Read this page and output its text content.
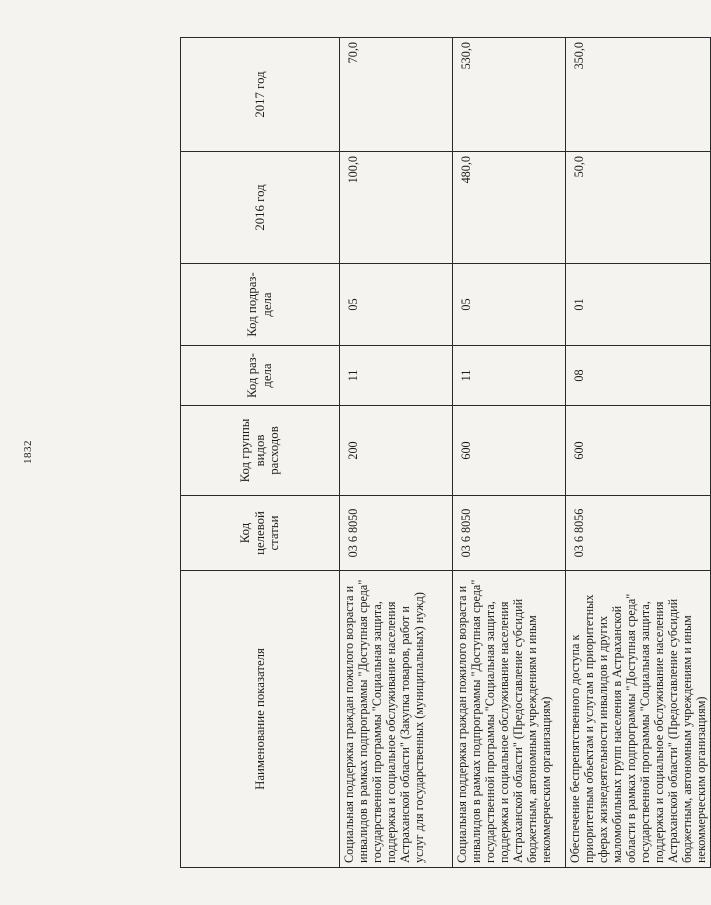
1832
Наименование показателя	Код целевой статьи	Код группы видов расходов	Код раз-дела	Код подраз-дела	2016 год	2017 год
Социальная поддержка граждан пожилого возраста и инвалидов в рамках подпрограммы "Доступная среда" государственной программы "Социальная защита, поддержка и социальное обслуживание населения Астраханской области" (Закупка товаров, работ и услуг для государственных (муниципальных) нужд)	03 6 8050	200	11	05	100,0	70,0
Социальная поддержка граждан пожилого возраста и инвалидов в рамках подпрограммы "Доступная среда" государственной программы "Социальная защита, поддержка и социальное обслуживание населения Астраханской области" (Предоставление субсидий бюджетным, автономным учреждениям и иным некоммерческим организациям)	03 6 8050	600	11	05	480,0	530,0
Обеспечение беспрепятственного доступа к приоритетным объектам и услугам в приоритетных сферах жизнедеятельности инвалидов и других маломобильных групп населения в Астраханской области в рамках подпрограммы "Доступная среда" государственной программы "Социальная защита, поддержка и социальное обслуживание населения Астраханской области" (Предоставление субсидий бюджетным, автономным учреждениям и иным некоммерческим организациям)	03 6 8056	600	08	01	50,0	350,0
